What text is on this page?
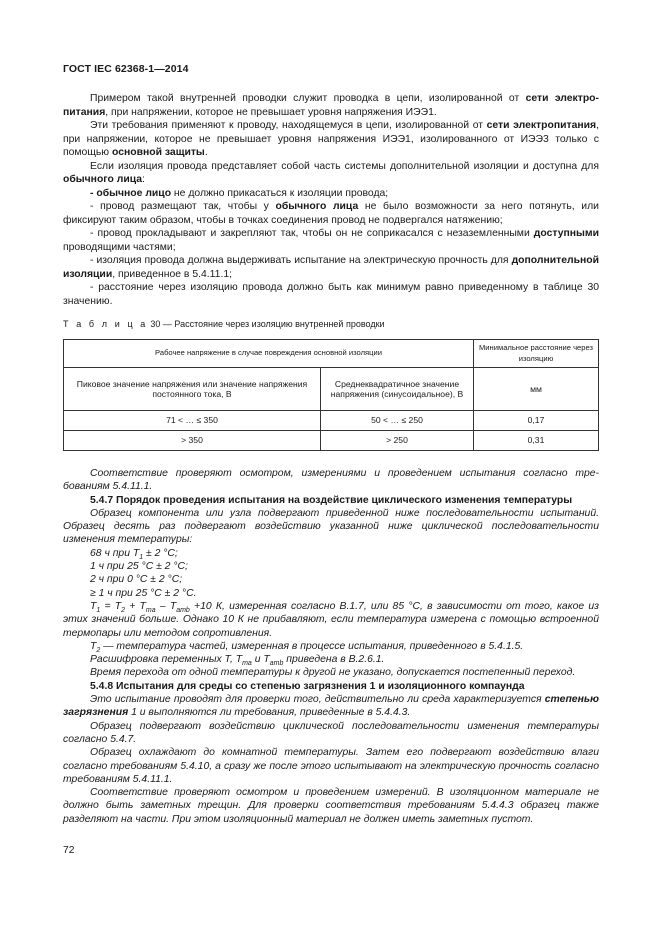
ГОСТ IEC 62368-1—2014

Примером такой внутренней проводки служит проводка в цепи, изолированной от сети электропитания, при напряжении, которое не превышает уровня напряжения ИЭЭ1.

Эти требования применяют к проводу, находящемуся в цепи, изолированной от сети электропитания, при напряжении, которое не превышает уровня напряжения ИЭЭ1, изолированного от ИЭЭ3 только с помощью основной защиты.

Если изоляция провода представляет собой часть системы дополнительной изоляции и доступна для обычного лица:

- обычное лицо не должно прикасаться к изоляции провода;

- провод размещают так, чтобы у обычного лица не было возможности за него потянуть, или фиксируют таким образом, чтобы в точках соединения провод не подвергался натяжению;

- провод прокладывают и закрепляют так, чтобы он не соприкасался с незаземленными доступными проводящими частями;

- изоляция провода должна выдерживать испытание на электрическую прочность для дополнительной изоляции, приведенное в 5.4.11.1;

- расстояние через изоляцию провода должно быть как минимум равно приведенному в таблице 30 значению.

Т а б л и ц а 30 — Расстояние через изоляцию внутренней проводки
Рабочее напряжение в случае повреждения основной изоляции		Минимальное расстояние через изоляцию
Пиковое значение напряжения или значение напряжения постоянного тока, В	Среднеквадратичное значение напряжения (синусоидальное), В	мм
71 < … ≤ 350	50 < … ≤ 250	0,17
> 350	> 250	0,31

Соответствие проверяют осмотром, измерениями и проведением испытания согласно требованиям 5.4.11.1.

5.4.7 Порядок проведения испытания на воздействие циклического изменения температуры

Образец компонента или узла подвергают приведенной ниже последовательности испытаний. Образец десять раз подвергают воздействию указанной ниже циклической последовательности изменения температуры:

68 ч при $Т_1 \pm 2$ °С;

1 ч при 25 °С ± 2 °С;

2 ч при 0 °С ± 2 °С;

≥ 1 ч при 25 °С ± 2 °С.

$Т_1 = Т_2 + Т_{ma} - Т_{amb} +10$ К, измеренная согласно В.1.7, или 85 °С, в зависимости от того, какое из этих значений больше. Однако 10 К не прибавляют, если температура измерена с помощью встроенной термопары или методом сопротивления.

$Т_2$ — температура частей, измеренная в процессе испытания, приведенного в 5.4.1.5.

Расшифровка переменных Т, $Т_{ma}$ и $Т_{amb}$ приведена в В.2.6.1.

Время перехода от одной температуры к другой не указано, допускается постепенный переход.

5.4.8 Испытания для среды со степенью загрязнения 1 и изоляционного компаунда

Это испытание проводят для проверки того, действительно ли среда характеризуется степенью загрязнения 1 и выполняются ли требования, приведенные в 5.4.4.3.

Образец подвергают воздействию циклической последовательности изменения температуры согласно 5.4.7.

Образец охлаждают до комнатной температуры. Затем его подвергают воздействию влаги согласно требованиям 5.4.10, а сразу же после этого испытывают на электрическую прочность согласно требованиям 5.4.11.1.

Соответствие проверяют осмотром и проведением измерений. В изоляционном материале не должно быть заметных трещин. Для проверки соответствия требованиям 5.4.4.3 образец также разделяют на части. При этом изоляционный материал не должен иметь заметных пустот.

72
